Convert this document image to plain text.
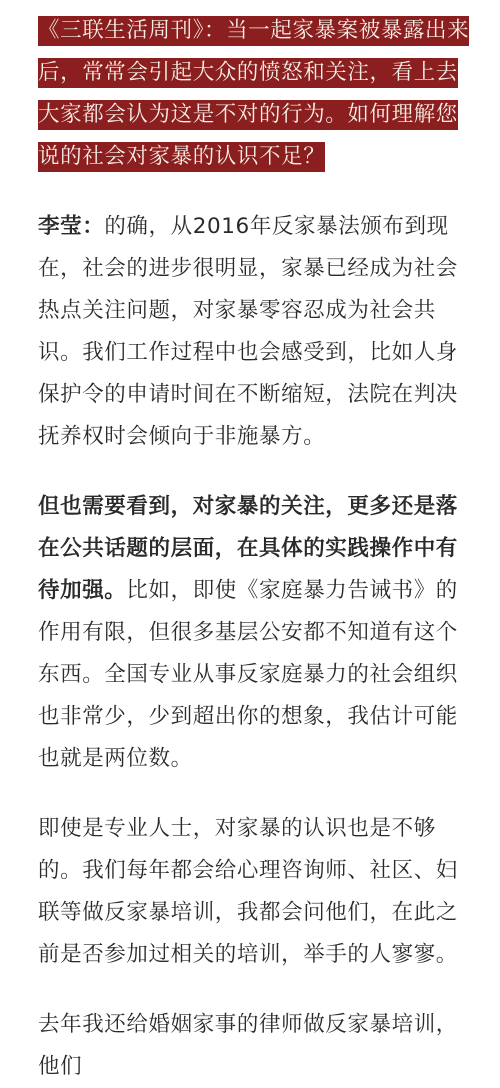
《三联生活周刊》：当一起家暴案被暴露出来后，常常会引起大众的愤怒和关注，看上去大家都会认为这是不对的行为。如何理解您说的社会对家暴的认识不足？

李莹：的确，从2016年反家暴法颁布到现在，社会的进步很明显，家暴已经成为社会热点关注问题，对家暴零容忍成为社会共识。我们工作过程中也会感受到，比如人身保护令的申请时间在不断缩短，法院在判决抚养权时会倾向于非施暴方。

但也需要看到，对家暴的关注，更多还是落在公共话题的层面，在具体的实践操作中有待加强。比如，即使《家庭暴力告诫书》的作用有限，但很多基层公安都不知道有这个东西。全国专业从事反家庭暴力的社会组织也非常少，少到超出你的想象，我估计可能也就是两位数。

即使是专业人士，对家暴的认识也是不够的。我们每年都会给心理咨询师、社区、妇联等做反家暴培训，我都会问他们，在此之前是否参加过相关的培训，举手的人寥寥。

去年我还给婚姻家事的律师做反家暴培训，他们
